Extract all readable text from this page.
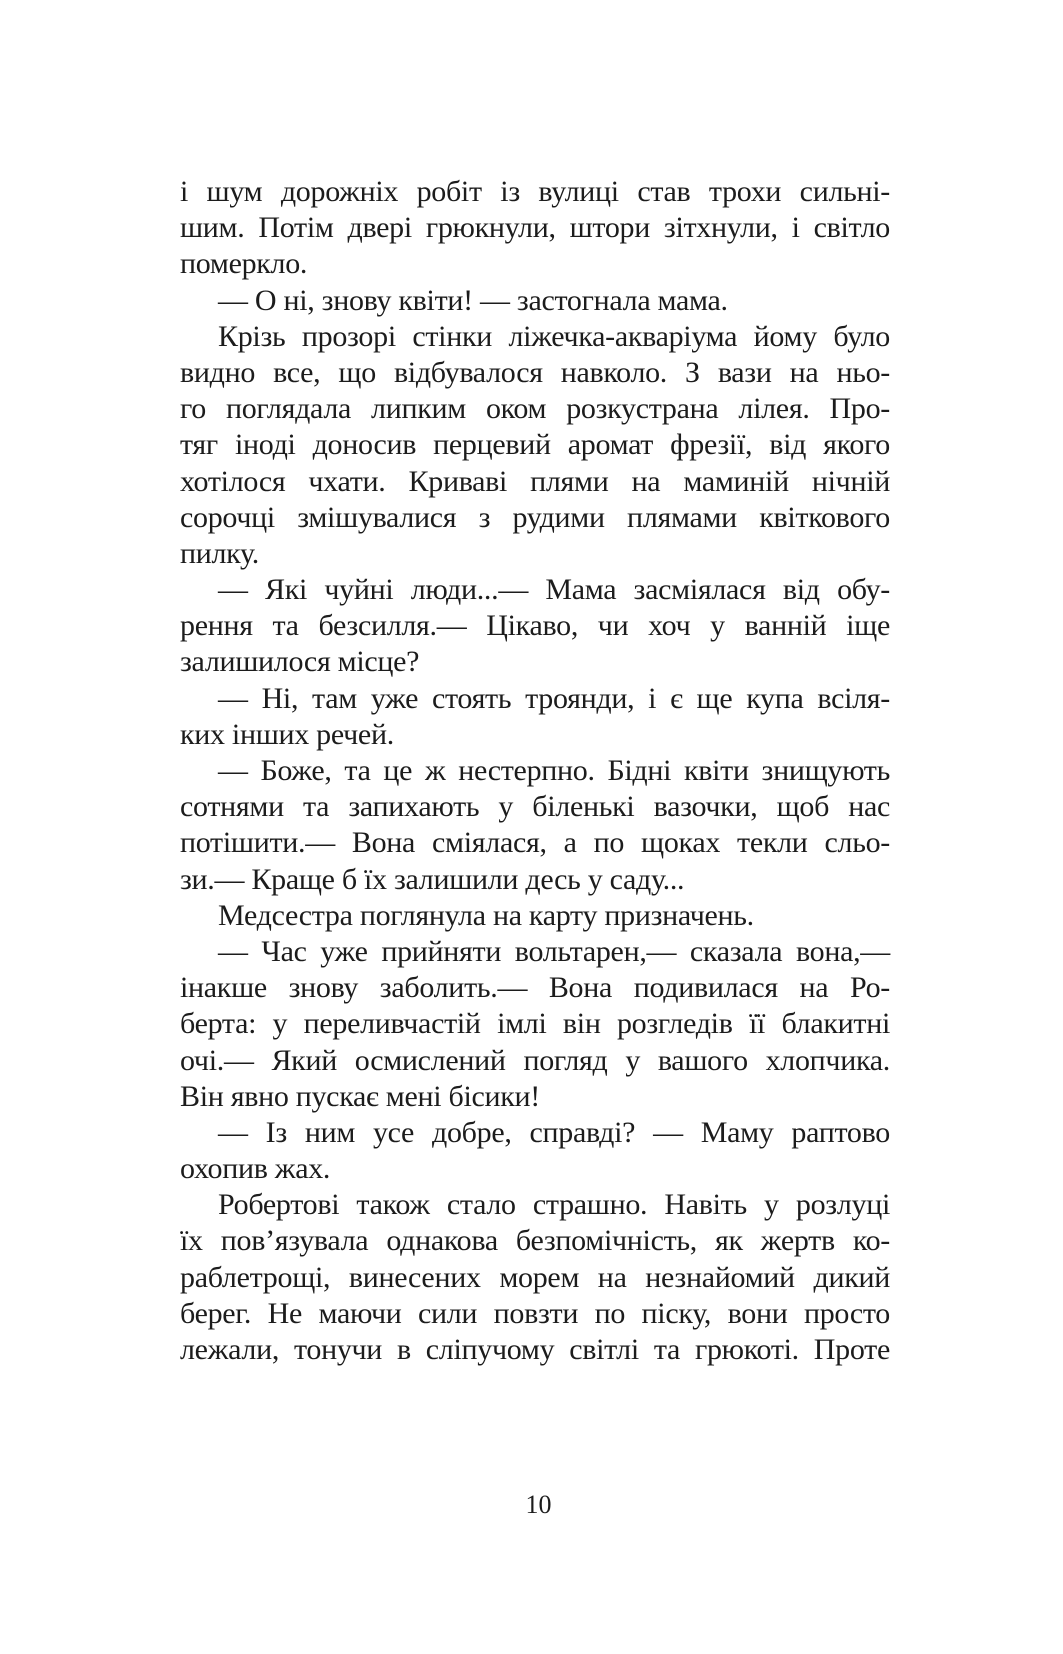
і шум дорожніх робіт із вулиці став трохи сильні-
шим. Потім двері грюкнули, штори зітхнули, і світло
померкло.
— О ні, знову квіти! — застогнала мама.
Крізь прозорі стінки ліжечка-акваріума йому було
видно все, що відбувалося навколо. З вази на ньо-
го поглядала липким оком розкустрана лілея. Про-
тяг іноді доносив перцевий аромат фрезії, від якого
хотілося чхати. Криваві плями на маминій нічній
сорочці змішувалися з рудими плямами квіткового
пилку.
— Які чуйні люди...— Мама засміялася від обу-
рення та безсилля.— Цікаво, чи хоч у ванній іще
залишилося місце?
— Ні, там уже стоять троянди, і є ще купа всіля-
ких інших речей.
— Боже, та це ж нестерпно. Бідні квіти знищують
сотнями та запихають у біленькі вазочки, щоб нас
потішити.— Вона сміялася, а по щоках текли сльо-
зи.— Краще б їх залишили десь у саду...
Медсестра поглянула на карту призначень.
— Час уже прийняти вольтарен,— сказала вона,—
інакше знову заболить.— Вона подивилася на Ро-
берта: у переливчастій імлі він розгледів її блакитні
очі.— Який осмислений погляд у вашого хлопчика.
Він явно пускає мені бісики!
— Із ним усе добре, справді? — Маму раптово
охопив жах.
Робертові також стало страшно. Навіть у розлуці
їх пов’язувала однакова безпомічність, як жертв ко-
раблетрощі, винесених морем на незнайомий дикий
берег. Не маючи сили повзти по піску, вони просто
лежали, тонучи в сліпучому світлі та грюкоті. Проте
10
